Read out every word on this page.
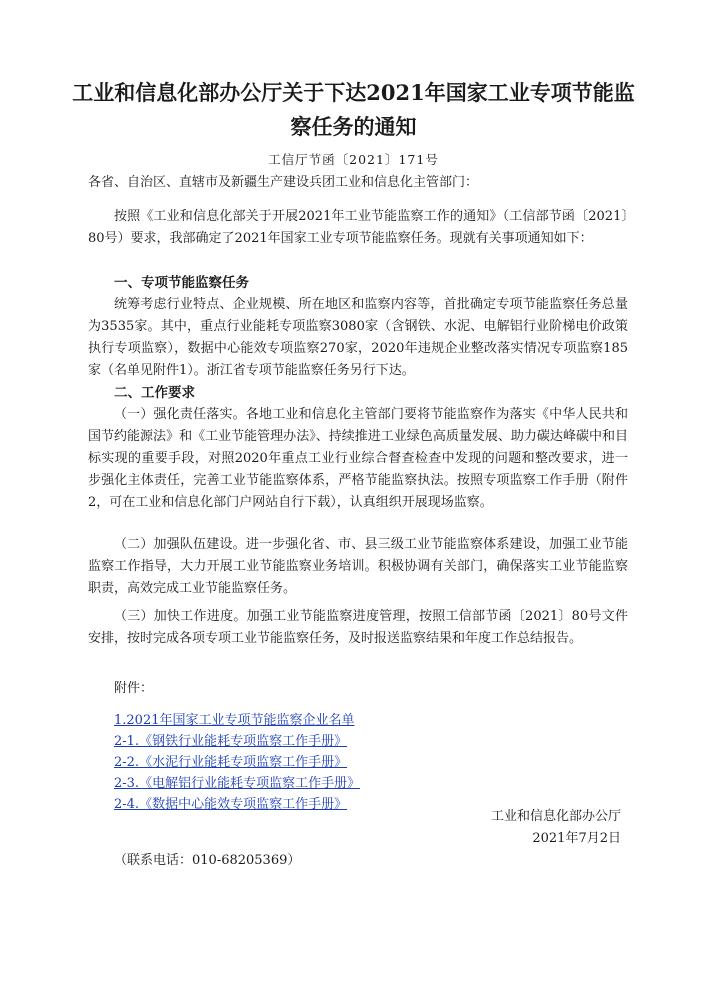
工业和信息化部办公厅关于下达2021年国家工业专项节能监察任务的通知
工信厅节函〔2021〕171号

各省、自治区、直辖市及新疆生产建设兵团工业和信息化主管部门：

按照《工业和信息化部关于开展2021年工业节能监察工作的通知》（工信部节函〔2021〕80号）要求，我部确定了2021年国家工业专项节能监察任务。现就有关事项通知如下：

一、专项节能监察任务

统筹考虑行业特点、企业规模、所在地区和监察内容等，首批确定专项节能监察任务总量为3535家。其中，重点行业能耗专项监察3080家（含钢铁、水泥、电解铝行业阶梯电价政策执行专项监察），数据中心能效专项监察270家，2020年违规企业整改落实情况专项监察185家（名单见附件1）。浙江省专项节能监察任务另行下达。

二、工作要求

（一）强化责任落实。各地工业和信息化主管部门要将节能监察作为落实《中华人民共和国节约能源法》和《工业节能管理办法》、持续推进工业绿色高质量发展、助力碳达峰碳中和目标实现的重要手段，对照2020年重点工业行业综合督查检查中发现的问题和整改要求，进一步强化主体责任，完善工业节能监察体系，严格节能监察执法。按照专项监察工作手册（附件2，可在工业和信息化部门户网站自行下载），认真组织开展现场监察。

（二）加强队伍建设。进一步强化省、市、县三级工业节能监察体系建设，加强工业节能监察工作指导，大力开展工业节能监察业务培训。积极协调有关部门，确保落实工业节能监察职责，高效完成工业节能监察任务。

（三）加快工作进度。加强工业节能监察进度管理，按照工信部节函〔2021〕80号文件安排，按时完成各项专项工业节能监察任务，及时报送监察结果和年度工作总结报告。

附件：
1.2021年国家工业专项节能监察企业名单
2-1.《钢铁行业能耗专项监察工作手册》
2-2.《水泥行业能耗专项监察工作手册》
2-3.《电解铝行业能耗专项监察工作手册》
2-4.《数据中心能效专项监察工作手册》
工业和信息化部办公厅
2021年7月2日
（联系电话：010-68205369）
